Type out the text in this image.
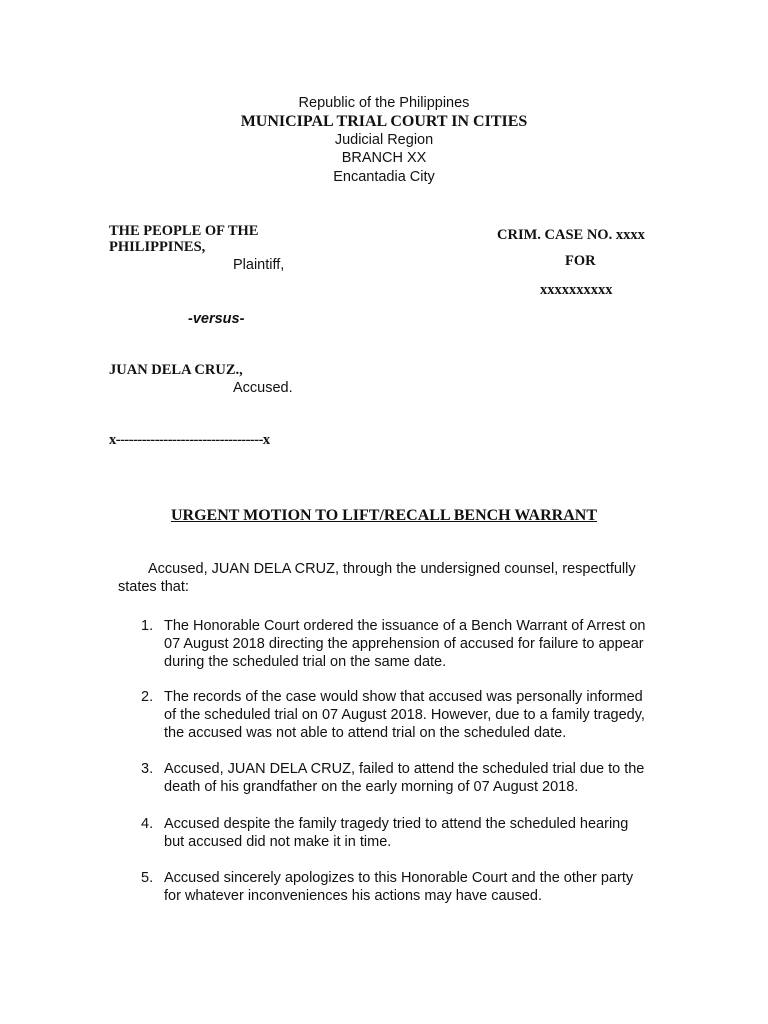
Republic of the Philippines
MUNICIPAL TRIAL COURT IN CITIES
Judicial Region
BRANCH XX
Encantadia City
THE PEOPLE OF THE
PHILIPPINES,
Plaintiff,
-versus-
JUAN DELA CRUZ.,
Accused.
x----------------------------------x
CRIM. CASE NO. xxxx
FOR
xxxxxxxxxx
URGENT MOTION TO LIFT/RECALL BENCH WARRANT
Accused, JUAN DELA CRUZ, through the undersigned counsel, respectfully
states that:
1. The Honorable Court ordered the issuance of a Bench Warrant of Arrest on
07 August 2018 directing the apprehension of accused for failure to appear
during the scheduled trial on the same date.
2. The records of the case would show that accused was personally informed
of the scheduled trial on 07 August 2018. However, due to a family tragedy,
the accused was not able to attend trial on the scheduled date.
3. Accused, JUAN DELA CRUZ, failed to attend the scheduled trial due to the
death of his grandfather on the early morning of 07 August 2018.
4. Accused despite the family tragedy tried to attend the scheduled hearing
but accused did not make it in time.
5. Accused sincerely apologizes to this Honorable Court and the other party
for whatever inconveniences his actions may have caused.
